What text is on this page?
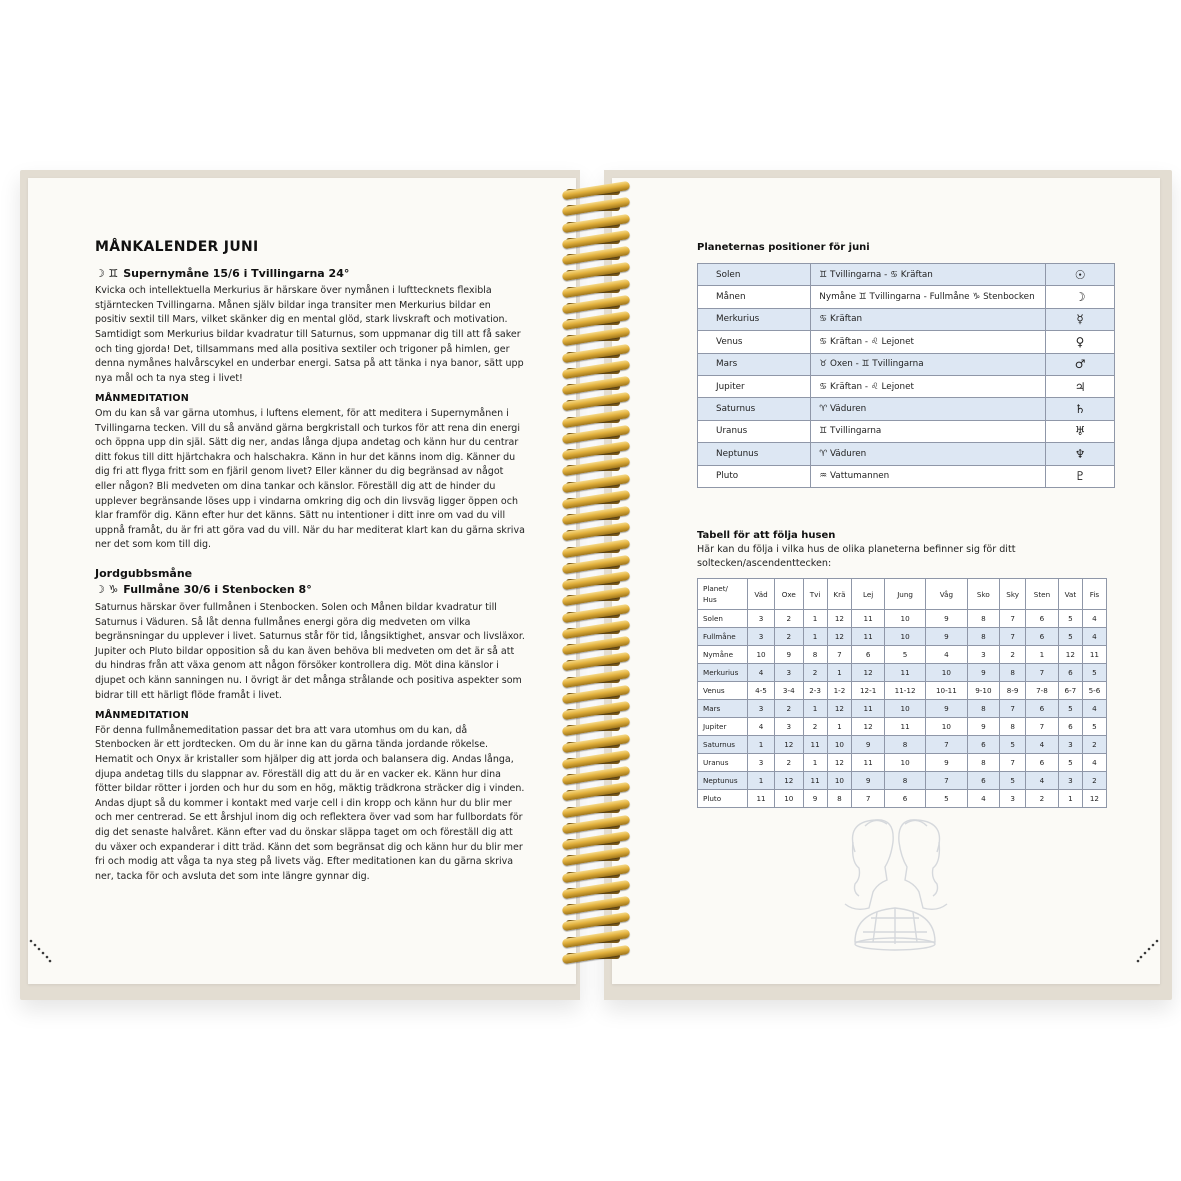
MÅNKALENDER JUNI
☽ ♊ Supernymåne 15/6 i Tvillingarna 24°

Kvicka och intellektuella Merkurius är härskare över nymånen i lufttecknets flexibla stjärntecken Tvillingarna. Månen själv bildar inga transiter men Merkurius bildar en positiv sextil till Mars, vilket skänker dig en mental glöd, stark livskraft och motivation. Samtidigt som Merkurius bildar kvadratur till Saturnus, som uppmanar dig till att få saker och ting gjorda! Det, tillsammans med alla positiva sextiler och trigoner på himlen, ger denna nymånes halvårscykel en underbar energi. Satsa på att tänka i nya banor, sätt upp nya mål och ta nya steg i livet!

MÅNMEDITATION

Om du kan så var gärna utomhus, i luftens element, för att meditera i Supernymånen i Tvillingarna tecken. Vill du så använd gärna bergkristall och turkos för att rena din energi och öppna upp din själ. Sätt dig ner, andas långa djupa andetag och känn hur du centrar ditt fokus till ditt hjärtchakra och halschakra. Känn in hur det känns inom dig. Känner du dig fri att flyga fritt som en fjäril genom livet? Eller känner du dig begränsad av något eller någon? Bli medveten om dina tankar och känslor. Föreställ dig att de hinder du upplever begränsande löses upp i vindarna omkring dig och din livsväg ligger öppen och klar framför dig. Känn efter hur det känns. Sätt nu intentioner i ditt inre om vad du vill uppnå framåt, du är fri att göra vad du vill. När du har mediterat klart kan du gärna skriva ner det som kom till dig.

Jordgubbsmåne
☽ ♑ Fullmåne 30/6 i Stenbocken 8°

Saturnus härskar över fullmånen i Stenbocken. Solen och Månen bildar kvadratur till Saturnus i Väduren. Så låt denna fullmånes energi göra dig medveten om vilka begränsningar du upplever i livet. Saturnus står för tid, långsiktighet, ansvar och livsläxor. Jupiter och Pluto bildar opposition så du kan även behöva bli medveten om det är så att du hindras från att växa genom att någon försöker kontrollera dig. Möt dina känslor i djupet och känn sanningen nu. I övrigt är det många strålande och positiva aspekter som bidrar till ett härligt flöde framåt i livet.

MÅNMEDITATION

För denna fullmånemeditation passar det bra att vara utomhus om du kan, då Stenbocken är ett jordtecken. Om du är inne kan du gärna tända jordande rökelse. Hematit och Onyx är kristaller som hjälper dig att jorda och balansera dig. Andas långa, djupa andetag tills du slappnar av. Föreställ dig att du är en vacker ek. Känn hur dina fötter bildar rötter i jorden och hur du som en hög, mäktig trädkrona sträcker dig i vinden. Andas djupt så du kommer i kontakt med varje cell i din kropp och känn hur du blir mer och mer centrerad. Se ett årshjul inom dig och reflektera över vad som har fullbordats för dig det senaste halvåret. Känn efter vad du önskar släppa taget om och föreställ dig att du växer och expanderar i ditt träd. Känn det som begränsat dig och känn hur du blir mer fri och modig att våga ta nya steg på livets väg. Efter meditationen kan du gärna skriva ner, tacka för och avsluta det som inte längre gynnar dig.

Planeternas positioner för juni
Solen	♊ Tvillingarna - ♋ Kräftan	☉
Månen	Nymåne ♊ Tvillingarna - Fullmåne ♑ Stenbocken	☽
Merkurius	♋ Kräftan	☿
Venus	♋ Kräftan - ♌ Lejonet	♀
Mars	♉ Oxen - ♊ Tvillingarna	♂
Jupiter	♋ Kräftan - ♌ Lejonet	♃
Saturnus	♈ Väduren	♄
Uranus	♊ Tvillingarna	♅
Neptunus	♈ Väduren	♆
Pluto	♒ Vattumannen	♇
Tabell för att följa husen
Här kan du följa i vilka hus de olika planeterna befinner sig för ditt
soltecken/ascendenttecken:
Planet/
Hus	Väd	Oxe	Tvi	Krä	Lej	Jung	Våg	Sko	Sky	Sten	Vat	Fis
Solen	3	2	1	12	11	10	9	8	7	6	5	4
Fullmåne	3	2	1	12	11	10	9	8	7	6	5	4
Nymåne	10	9	8	7	6	5	4	3	2	1	12	11
Merkurius	4	3	2	1	12	11	10	9	8	7	6	5
Venus	4-5	3-4	2-3	1-2	12-1	11-12	10-11	9-10	8-9	7-8	6-7	5-6
Mars	3	2	1	12	11	10	9	8	7	6	5	4
Jupiter	4	3	2	1	12	11	10	9	8	7	6	5
Saturnus	1	12	11	10	9	8	7	6	5	4	3	2
Uranus	3	2	1	12	11	10	9	8	7	6	5	4
Neptunus	1	12	11	10	9	8	7	6	5	4	3	2
Pluto	11	10	9	8	7	6	5	4	3	2	1	12
